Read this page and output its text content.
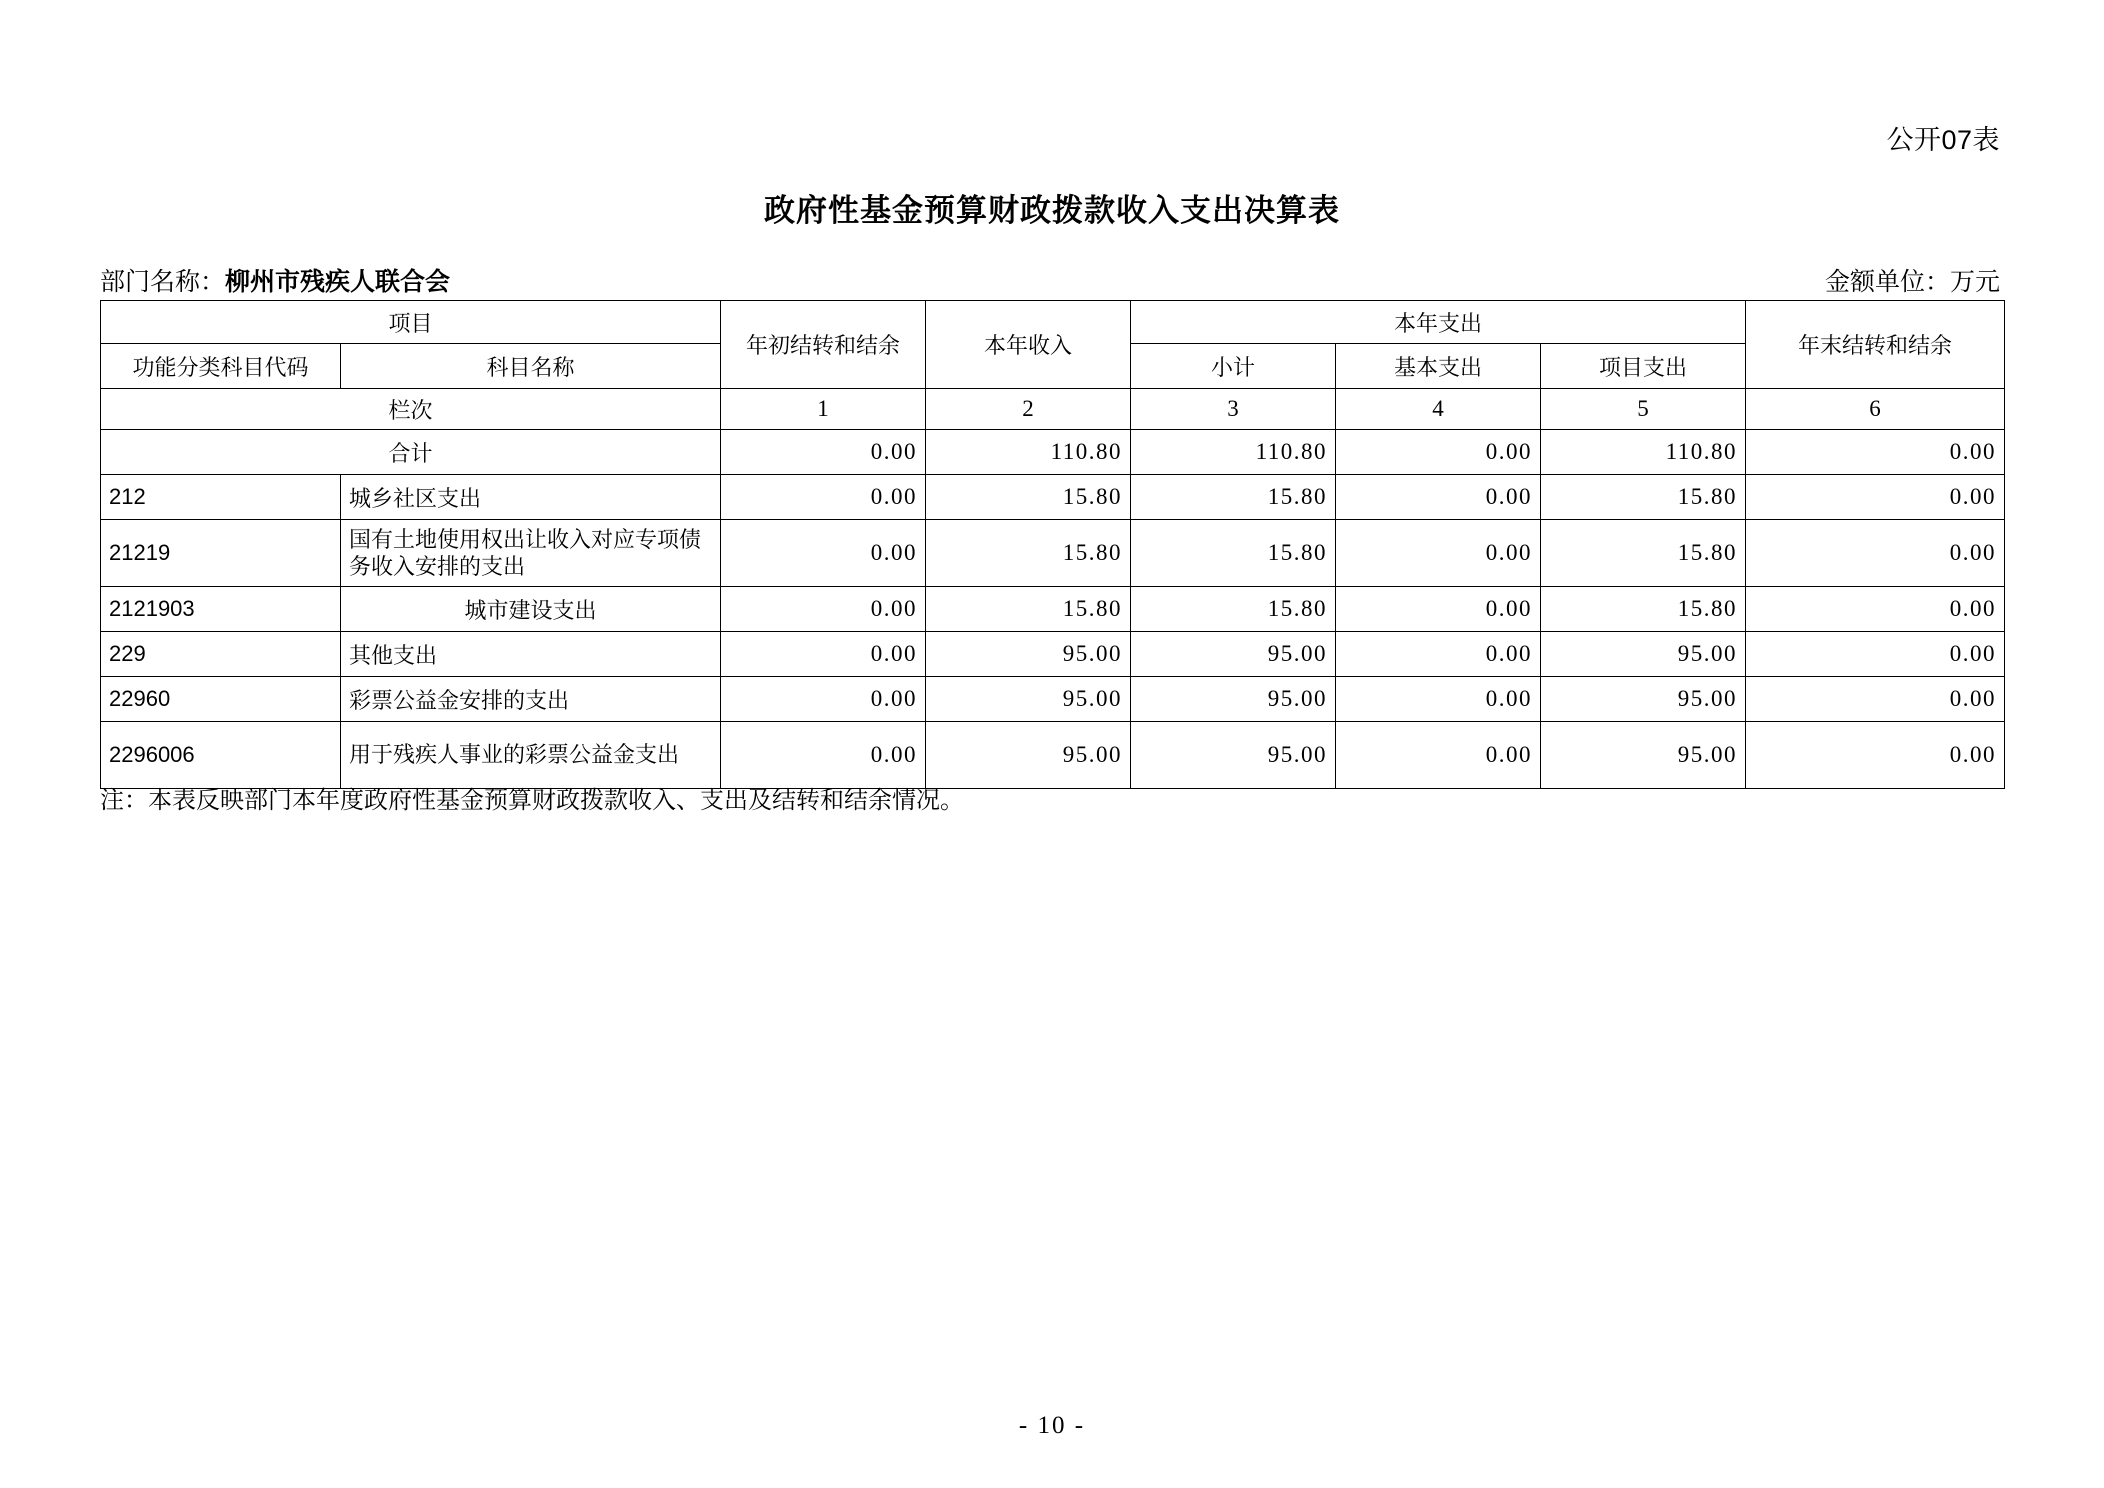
公开07表
政府性基金预算财政拨款收入支出决算表
部门名称：柳州市残疾人联合会	金额单位：万元
项目		年初结转和结余	本年收入	本年支出			年末结转和结余
功能分类科目代码	科目名称			小计	基本支出	项目支出	
栏次		1	2	3	4	5	6
合计		0.00	110.80	110.80	0.00	110.80	0.00
212	城乡社区支出	0.00	15.80	15.80	0.00	15.80	0.00
21219	国有土地使用权出让收入对应专项债务收入安排的支出	0.00	15.80	15.80	0.00	15.80	0.00
2121903	城市建设支出	0.00	15.80	15.80	0.00	15.80	0.00
229	其他支出	0.00	95.00	95.00	0.00	95.00	0.00
22960	彩票公益金安排的支出	0.00	95.00	95.00	0.00	95.00	0.00
2296006	用于残疾人事业的彩票公益金支出	0.00	95.00	95.00	0.00	95.00	0.00
注：本表反映部门本年度政府性基金预算财政拨款收入、支出及结转和结余情况。
- 10 -
